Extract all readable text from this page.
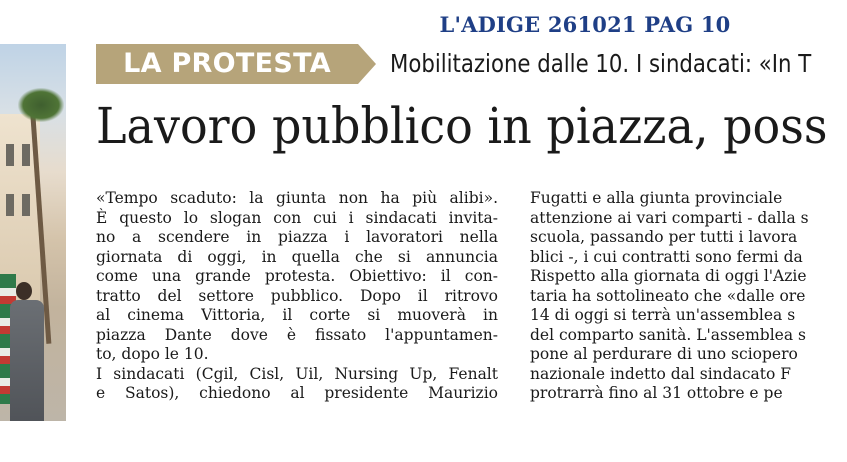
L'ADIGE 261021 PAG 10
LA PROTESTA	Mobilitazione dalle 10. I sindacati: «In T
Lavoro pubblico in piazza, poss
«Tempo scaduto: la giunta non ha più alibi».
È questo lo slogan con cui i sindacati invita-
no a scendere in piazza i lavoratori nella
giornata di oggi, in quella che si annuncia
come una grande protesta. Obiettivo: il con-
tratto del settore pubblico. Dopo il ritrovo
al cinema Vittoria, il corte si muoverà in
piazza Dante dove è fissato l'appuntamen-
to, dopo le 10.
I sindacati (Cgil, Cisl, Uil, Nursing Up, Fenalt
e Satos), chiedono al presidente Maurizio
Fugatti e alla giunta provinciale
attenzione ai vari comparti - dalla s
scuola, passando per tutti i lavora
blici -, i cui contratti sono fermi da
Rispetto alla giornata di oggi l'Azie
taria ha sottolineato che «dalle ore
14 di oggi si terrà un'assemblea s
del comparto sanità. L'assemblea s
pone al perdurare di uno sciopero
nazionale indetto dal sindacato F
protrarrà fino al 31 ottobre e pe
